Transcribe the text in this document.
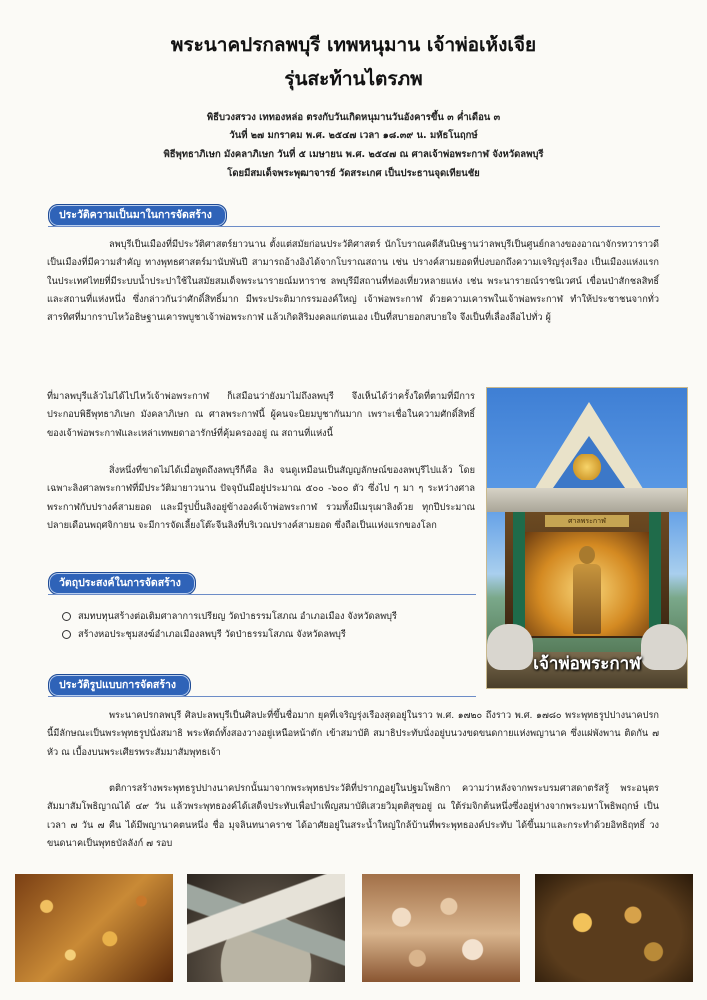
พระนาคปรกลพบุรี เทพหนุมาน เจ้าพ่อเห้งเจีย
รุ่นสะท้านไตรภพ
พิธีบวงสรวง เททองหล่อ ตรงกับวันเกิดหนุมานวันอังคารขึ้น ๓ ค่ำเดือน ๓
วันที่ ๒๗ มกราคม พ.ศ. ๒๕๔๗ เวลา ๑๘.๓๙ น. มหัธโนฤกษ์
พิธีพุทธาภิเษก มังคลาภิเษก วันที่ ๕ เมษายน พ.ศ. ๒๕๔๗ ณ ศาลเจ้าพ่อพระกาฬ จังหวัดลพบุรี
โดยมีสมเด็จพระพุฒาจารย์ วัดสระเกศ เป็นประธานจุดเทียนชัย
ประวัติความเป็นมาในการจัดสร้าง

ลพบุรีเป็นเมืองที่มีประวัติศาสตร์ยาวนาน ตั้งแต่สมัยก่อนประวัติศาสตร์ นักโบราณคดีสันนิษฐานว่าลพบุรีเป็นศูนย์กลางของอาณาจักรทวาราวดี เป็นเมืองที่มีความสำคัญ ทางพุทธศาสตร์มานับพันปี สามารถอ้างอิงได้จากโบราณสถาน เช่น ปรางค์สามยอดที่บ่งบอกถึงความเจริญรุ่งเรือง เป็นเมืองแห่งแรกในประเทศไทยที่มีระบบน้ำประปาใช้ในสมัยสมเด็จพระนารายณ์มหาราช ลพบุรีมีสถานที่ท่องเที่ยวหลายแห่ง เช่น พระนารายณ์ราชนิเวศน์ เขื่อนป่าสักชลสิทธิ์ และสถานที่แห่งหนึ่ง ซึ่งกล่าวกันว่าศักดิ์สิทธิ์มาก มีพระประติมากรรมองค์ใหญ่ เจ้าพ่อพระกาฬ ด้วยความเคารพในเจ้าพ่อพระกาฬ ทำให้ประชาชนจากทั่วสารทิศที่มากราบไหว้อธิษฐานเคารพบูชาเจ้าพ่อพระกาฬ แล้วเกิดสิริมงคลแก่ตนเอง เป็นที่สบายอกสบายใจ จึงเป็นที่เลื่องลือไปทั่ว ผู้

ที่มาลพบุรีแล้วไม่ได้ไปไหว้เจ้าพ่อพระกาฬ ก็เสมือนว่ายังมาไม่ถึงลพบุรี จึงเห็นได้ว่าครั้งใดที่ตามที่มีการประกอบพิธีพุทธาภิเษก มังคลาภิเษก ณ ศาลพระกาฬนี้ ผู้คนจะนิยมบูชากันมาก เพราะเชื่อในความศักดิ์สิทธิ์ของเจ้าพ่อพระกาฬและเหล่าเทพยดาอารักษ์ที่คุ้มครองอยู่ ณ สถานที่แห่งนี้

สิ่งหนึ่งที่ขาดไม่ได้เมื่อพูดถึงลพบุรีก็คือ ลิง จนดูเหมือนเป็นสัญญลักษณ์ของลพบุรีไปแล้ว โดยเฉพาะลิงศาลพระกาฬที่มีประวัติมายาวนาน ปัจจุบันมีอยู่ประมาณ ๕๐๐ -๖๐๐ ตัว ซึ่งไป ๆ มา ๆ ระหว่างศาลพระกาฬกับปรางค์สามยอด และมีรูปปั้นลิงอยู่ข้างองค์เจ้าพ่อพระกาฬ รวมทั้งมีเมรุเผาลิงด้วย ทุกปีประมาณปลายเดือนพฤศจิกายน จะมีการจัดเลี้ยงโต๊ะจีนลิงที่บริเวณปรางค์สามยอด ซึ่งถือเป็นแห่งแรกของโลก	ศาลพระกาฬ
เจ้าพ่อพระกาฬ
วัตถุประสงค์ในการจัดสร้าง
สมทบทุนสร้างต่อเติมศาลาการเปรียญ วัดป่าธรรมโสภณ อำเภอเมือง จังหวัดลพบุรี
สร้างหอประชุมสงฆ์อำเภอเมืองลพบุรี วัดป่าธรรมโสภณ จังหวัดลพบุรี
ประวัติรูปแบบการจัดสร้าง

พระนาคปรกลพบุรี ศิลปะลพบุรีเป็นศิลปะที่ขึ้นชื่อมาก ยุคที่เจริญรุ่งเรืองสุดอยู่ในราว พ.ศ. ๑๗๒๐ ถึงราว พ.ศ. ๑๗๘๐ พระพุทธรูปปางนาคปรกนี้มีลักษณะเป็นพระพุทธรูปนั่งสมาธิ พระหัตถ์ทั้งสองวางอยู่เหนือหน้าตัก เข้าสมาบัติ สมาธิประทับนั่งอยู่บนวงขดขนดกายแห่งพญานาค ซึ่งแผ่พังพาน ติดกัน ๗ หัว ณ เบื้องบนพระเศียรพระสัมมาสัมพุทธเจ้า

ตติการสร้างพระพุทธรูปปางนาคปรกนั้นมาจากพระพุทธประวัติที่ปรากฏอยู่ในปฐมโพธิกา ความว่าหลังจากพระบรมศาสดาตรัสรู้ พระอนุตรสัมมาสัมโพธิญาณได้ ๔๙ วัน แล้วพระพุทธองค์ได้เสด็จประทับเพื่อบำเพ็ญสมาบัติเสวยวิมุตติสุขอยู่ ณ ใต้ร่มจิกต้นหนึ่งซึ่งอยู่ห่างจากพระมหาโพธิพฤกษ์ เป็นเวลา ๗ วัน ๗ คืน ได้มีพญานาคตนหนึ่ง ชื่อ มุจลินทนาคราช ได้อาศัยอยู่ในสระน้ำใหญ่ใกล้บ้านที่พระพุทธองค์ประทับ ได้ขึ้นมาและกระทำด้วยอิทธิฤทธิ์ วงขนดนาคเป็นพุทธบัลลังก์ ๗ รอบ
